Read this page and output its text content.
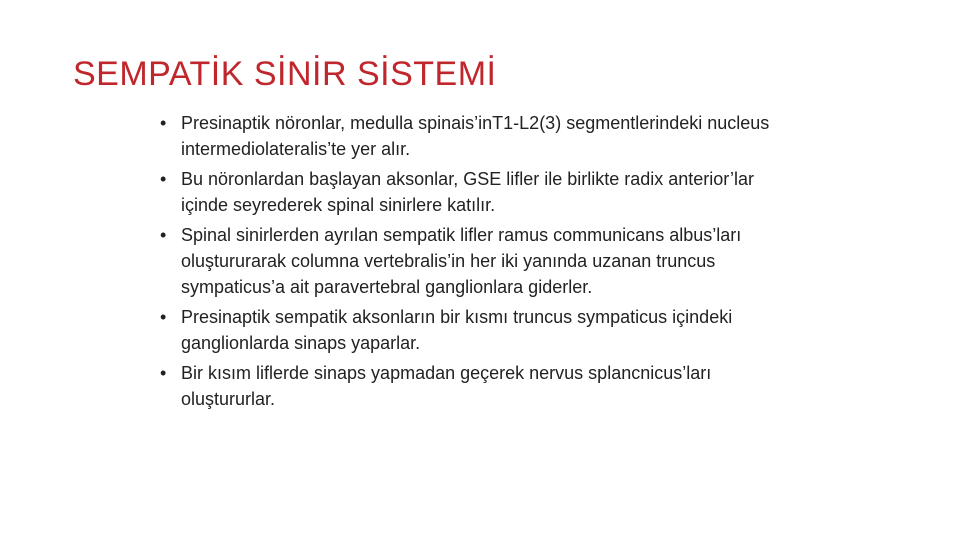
SEMPATİK SİNİR SİSTEMİ
• Presinaptik nöronlar, medulla spinais’inT1-L2(3) segmentlerindeki nucleus intermediolateralis’te yer alır.
• Bu nöronlardan başlayan aksonlar, GSE lifler ile birlikte radix anterior’lar içinde seyrederek spinal sinirlere katılır.
• Spinal sinirlerden ayrılan sempatik lifler ramus communicans albus’ları oluştururarak columna vertebralis’in her iki yanında uzanan truncus sympaticus’a ait paravertebral ganglionlara giderler.
• Presinaptik sempatik aksonların bir kısmı truncus sympaticus içindeki ganglionlarda sinaps yaparlar.
• Bir kısım liflerde sinaps yapmadan geçerek nervus splancnicus’ları oluştururlar.
